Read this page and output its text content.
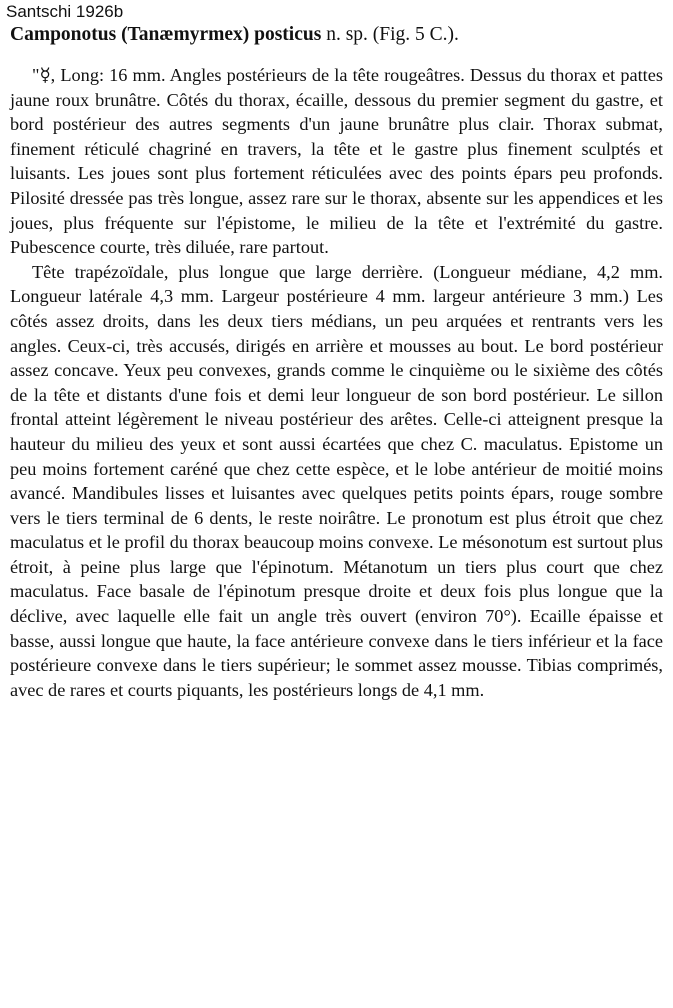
Santschi 1926b
Camponotus (Tanæmyrmex) posticus n. sp. (Fig. 5 C.).

"☿, Long: 16 mm. Angles postérieurs de la tête rougeâtres. Dessus du thorax et pattes jaune roux brunâtre. Côtés du thorax, écaille, dessous du premier segment du gastre, et bord postérieur des autres segments d'un jaune brunâtre plus clair. Thorax submat, finement réticulé chagriné en travers, la tête et le gastre plus finement sculptés et luisants. Les joues sont plus fortement réticulées avec des points épars peu profonds. Pilosité dressée pas très longue, assez rare sur le thorax, absente sur les appendices et les joues, plus fréquente sur l'épistome, le milieu de la tête et l'extrémité du gastre. Pubescence courte, très diluée, rare partout.

Tête trapézoïdale, plus longue que large derrière. (Longueur médiane, 4,2 mm. Longueur latérale 4,3 mm. Largeur postérieure 4 mm. largeur antérieure 3 mm.) Les côtés assez droits, dans les deux tiers médians, un peu arquées et rentrants vers les angles. Ceux-ci, très accusés, dirigés en arrière et mousses au bout. Le bord postérieur assez concave. Yeux peu convexes, grands comme le cinquième ou le sixième des côtés de la tête et distants d'une fois et demi leur longueur de son bord postérieur. Le sillon frontal atteint légèrement le niveau postérieur des arêtes. Celle-ci atteignent presque la hauteur du milieu des yeux et sont aussi écartées que chez C. maculatus. Epistome un peu moins fortement caréné que chez cette espèce, et le lobe antérieur de moitié moins avancé. Mandibules lisses et luisantes avec quelques petits points épars, rouge sombre vers le tiers terminal de 6 dents, le reste noirâtre. Le pronotum est plus étroit que chez maculatus et le profil du thorax beaucoup moins convexe. Le mésonotum est surtout plus étroit, à peine plus large que l'épinotum. Métanotum un tiers plus court que chez maculatus. Face basale de l'épinotum presque droite et deux fois plus longue que la déclive, avec laquelle elle fait un angle très ouvert (environ 70°). Ecaille épaisse et basse, aussi longue que haute, la face antérieure convexe dans le tiers inférieur et la face postérieure convexe dans le tiers supérieur; le sommet assez mousse. Tibias comprimés, avec de rares et courts piquants, les postérieurs longs de 4,1 mm.
